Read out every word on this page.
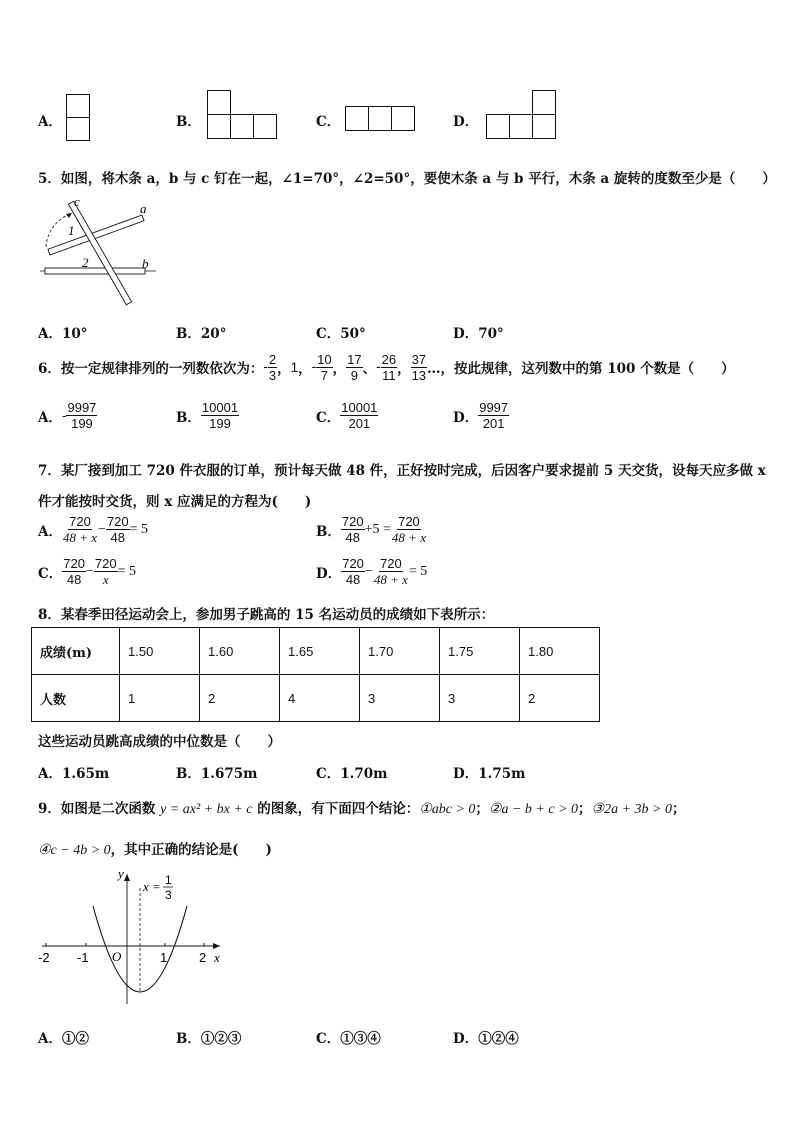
A．	B．	C．	D．
5．如图，将木条 a，b 与 c 钉在一起，∠1=70°，∠2=50°，要使木条 a 与 b 平行，木条 a 旋转的度数至少是（　　）
c	a
b
1
2
A．10°	B．20°	C．50°	D．70°
6．按一定规律排列的一列数依次为： - $\frac{2}{3}$ ， 1 ， - $\frac{10}{7}$ ， $\frac{17}{9}$ 、 - $\frac{26}{11}$ ， $\frac{37}{13}$ …，按此规律，这列数中的第 100 个数是（　　）
A． - $\frac{9997}{199}$	B． $\frac{10001}{199}$	C． $\frac{10001}{201}$	D． $\frac{9997}{201}$
7．某厂接到加工 720 件衣服的订单，预计每天做 48 件，正好按时完成，后因客户要求提前 5 天交货，设每天应多做 x
件才能按时交货，则 x 应满足的方程为(　　)
A． $\frac{720}{48 + x} - \frac{720}{48} = 5$	B． $\frac{720}{48} +5 = \frac{720}{48 + x}$
C． $\frac{720}{48} - \frac{720}{x} = 5$	D． $\frac{720}{48} - \frac{720}{48 + x} = 5$
8．某春季田径运动会上，参加男子跳高的 15 名运动员的成绩如下表所示：
成绩(m)	1.50	1.60	1.65	1.70	1.75	1.80
人数	1	2	4	3	3	2
这些运动员跳高成绩的中位数是（　　）
A．1.65m	B．1.675m	C．1.70m	D．1.75m
9．如图是二次函数 y = ax² + bx + c 的图象，有下面四个结论：①abc > 0；②a − b + c > 0；③2a + 3b > 0；
④c − 4b > 0，其中正确的结论是(　　)
y
x
O
-2 -1	1 2
x = 1
3
A．①②	B．①②③	C．①③④	D．①②④
